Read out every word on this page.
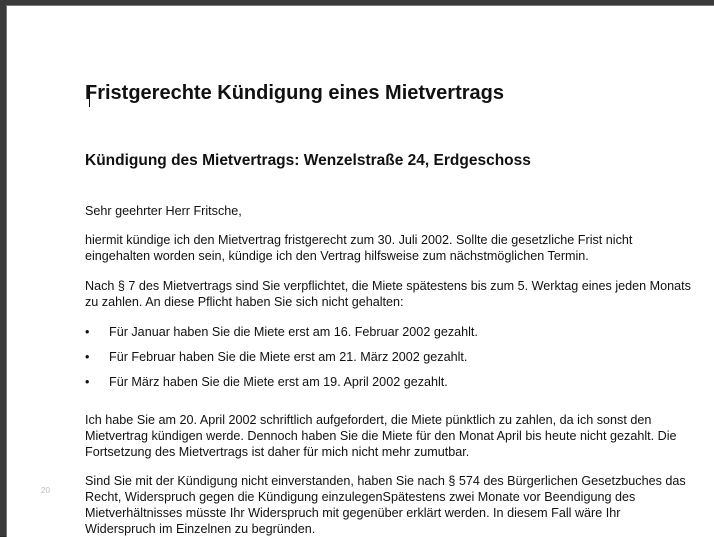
Fristgerechte Kündigung eines Mietvertrags
Kündigung des Mietvertrags: Wenzelstraße 24, Erdgeschoss

Sehr geehrter Herr Fritsche,

hiermit kündige ich den Mietvertrag fristgerecht zum 30. Juli 2002. Sollte die gesetzliche Frist nicht
eingehalten worden sein, kündige ich den Vertrag hilfsweise zum nächstmöglichen Termin.

Nach § 7 des Mietvertrags sind Sie verpflichtet, die Miete spätestens bis zum 5. Werktag eines jeden Monats
zu zahlen. An diese Pflicht haben Sie sich nicht gehalten:

• Für Januar haben Sie die Miete erst am 16. Februar 2002 gezahlt.
• Für Februar haben Sie die Miete erst am 21. März 2002 gezahlt.
• Für März haben Sie die Miete erst am 19. April 2002 gezahlt.

Ich habe Sie am 20. April 2002 schriftlich aufgefordert, die Miete pünktlich zu zahlen, da ich sonst den
Mietvertrag kündigen werde. Dennoch haben Sie die Miete für den Monat April bis heute nicht gezahlt. Die
Fortsetzung des Mietvertrags ist daher für mich nicht mehr zumutbar.

Sind Sie mit der Kündigung nicht einverstanden, haben Sie nach § 574 des Bürgerlichen Gesetzbuches das
Recht, Widerspruch gegen die Kündigung einzulegenSpätestens zwei Monate vor Beendigung des
Mietverhältnisses müsste Ihr Widerspruch mit gegenüber erklärt werden. In diesem Fall wäre Ihr
Widerspruch im Einzelnen zu begründen.

20
